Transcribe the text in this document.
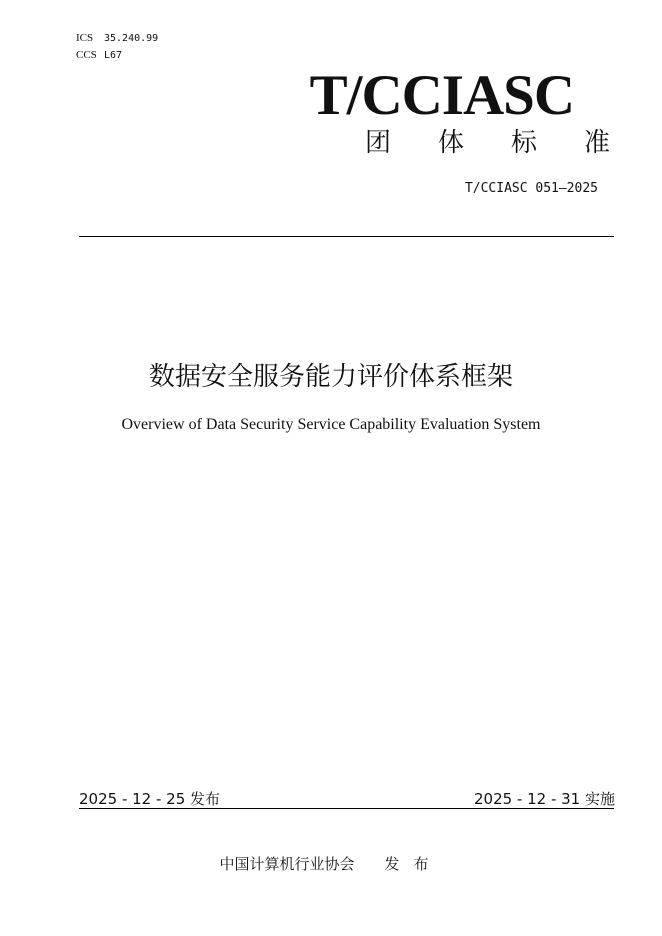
ICS 35.240.99
CCS L67
T/CCIASC
团 体 标 准
T/CCIASC 051—2025
数据安全服务能力评价体系框架
Overview of Data Security Service Capability Evaluation System
2025 - 12 - 25 发布	2025 - 12 - 31 实施
中国计算机行业协会 发布
